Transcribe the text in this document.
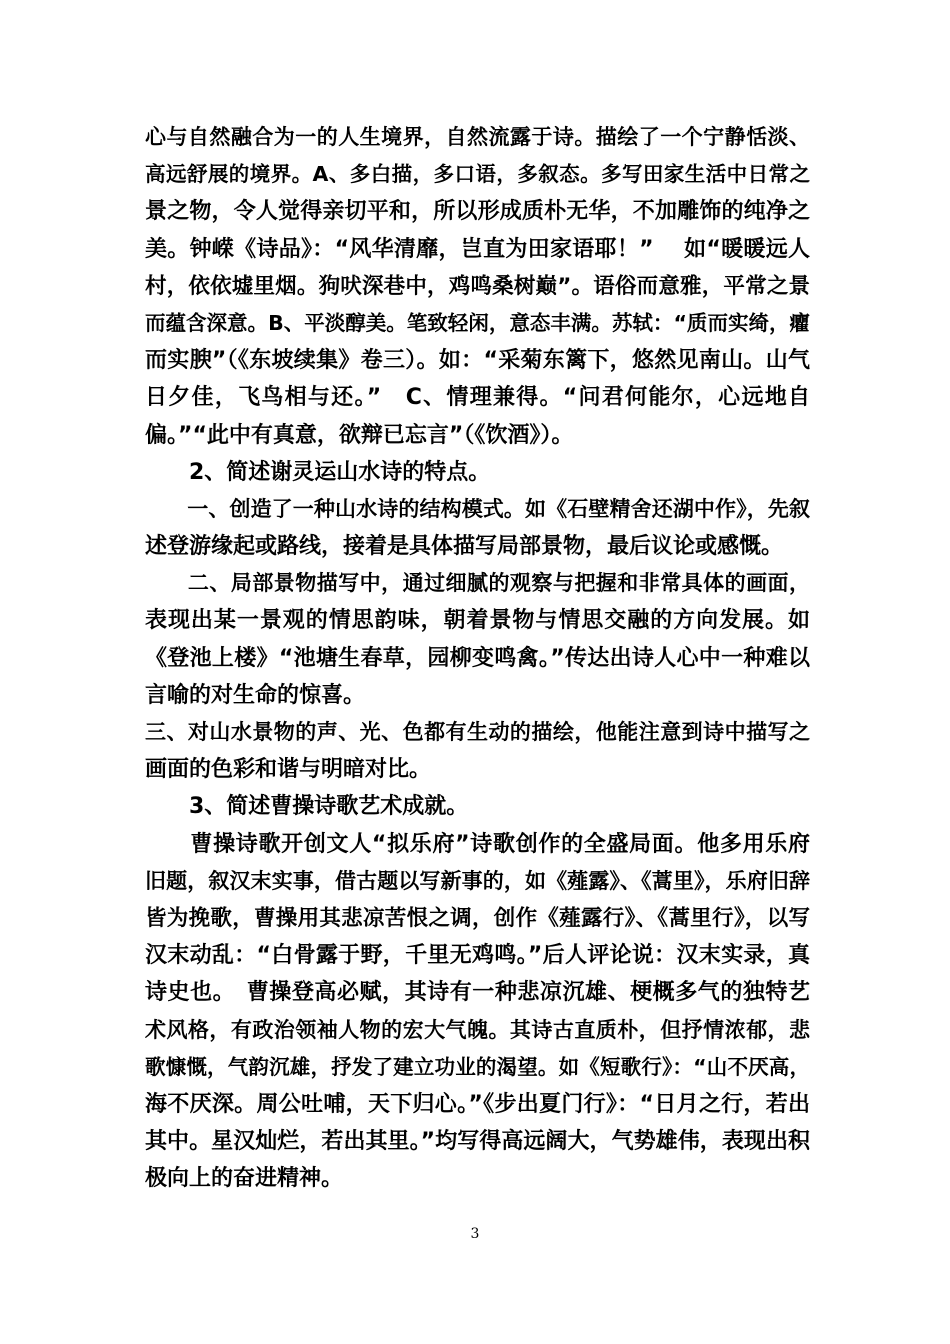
心与自然融合为一的人生境界，自然流露于诗。描绘了一个宁静恬淡、
高远舒展的境界。A、多白描，多口语，多叙态。多写田家生活中日常之
景之物，令人觉得亲切平和，所以形成质朴无华，不加雕饰的纯净之
美。钟嵘《诗品》：“风华清靡，岂直为田家语耶！”　 如“暖暖远人
村，依依墟里烟。狗吠深巷中，鸡鸣桑树巅”。语俗而意雅，平常之景
而蕴含深意。B、平淡醇美。笔致轻闲，意态丰满。苏轼：“质而实绮，癯
而实腴”（《东坡续集》卷三）。如：“采菊东篱下，悠然见南山。山气
日夕佳，飞鸟相与还。”　C、情理兼得。“问君何能尔，心远地自
偏。”“此中有真意，欲辩已忘言”（《饮酒》）。
　　2、简述谢灵运山水诗的特点。
　　一、创造了一种山水诗的结构模式。如《石壁精舍还湖中作》，先叙
述登游缘起或路线，接着是具体描写局部景物，最后议论或感慨。
　　二、局部景物描写中，通过细腻的观察与把握和非常具体的画面，
表现出某一景观的情思韵味，朝着景物与情思交融的方向发展。如
《登池上楼》“池塘生春草，园柳变鸣禽。”传达出诗人心中一种难以
言喻的对生命的惊喜。
三、对山水景物的声、光、色都有生动的描绘，他能注意到诗中描写之
画面的色彩和谐与明暗对比。
　　3、简述曹操诗歌艺术成就。
　　曹操诗歌开创文人“拟乐府”诗歌创作的全盛局面。他多用乐府
旧题，叙汉末实事，借古题以写新事的，如《薤露》、《蒿里》，乐府旧辞
皆为挽歌，曹操用其悲凉苦恨之调，创作《薤露行》、《蒿里行》，以写
汉末动乱：“白骨露于野，千里无鸡鸣。”后人评论说：汉末实录，真
诗史也。　曹操登高必赋，其诗有一种悲凉沉雄、梗概多气的独特艺
术风格，有政治领袖人物的宏大气魄。其诗古直质朴，但抒情浓郁，悲
歌慷慨，气韵沉雄，抒发了建立功业的渴望。如《短歌行》：“山不厌高，
海不厌深。周公吐哺，天下归心。”《步出夏门行》：“日月之行，若出
其中。星汉灿烂，若出其里。”均写得高远阔大，气势雄伟，表现出积
极向上的奋进精神。
3
